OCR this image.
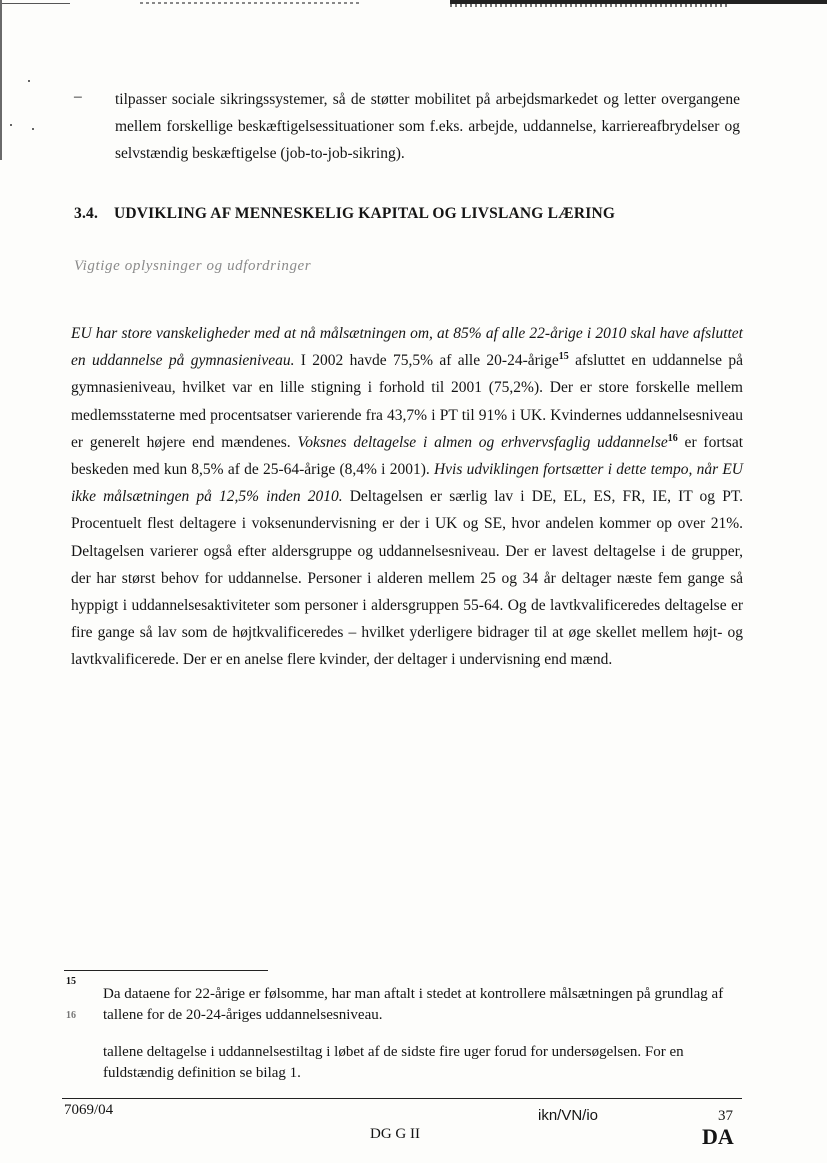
– tilpasser sociale sikringssystemer, så de støtter mobilitet på arbejdsmarkedet og letter overgangene mellem forskellige beskæftigelsessituationer som f.eks. arbejde, uddannelse, karriereafbrydelser og selvstændig beskæftigelse (job-to-job-sikring).
3.4. UDVIKLING AF MENNESKELIG KAPITAL OG LIVSLANG LÆRING
Vigtige oplysninger og udfordringer
EU har store vanskeligheder med at nå målsætningen om, at 85% af alle 22-årige i 2010 skal have afsluttet en uddannelse på gymnasieniveau. I 2002 havde 75,5% af alle 20-24-årige$^{15}$ afsluttet en uddannelse på gymnasieniveau, hvilket var en lille stigning i forhold til 2001 (75,2%). Der er store forskelle mellem medlemsstaterne med procentsatser varierende fra 43,7% i PT til 91% i UK. Kvindernes uddannelsesniveau er generelt højere end mændenes. Voksnes deltagelse i almen og erhvervsfaglig uddannelse$^{16}$ er fortsat beskeden med kun 8,5% af de 25-64-årige (8,4% i 2001). Hvis udviklingen fortsætter i dette tempo, når EU ikke målsætningen på 12,5% inden 2010. Deltagelsen er særlig lav i DE, EL, ES, FR, IE, IT og PT. Procentuelt flest deltagere i voksenundervisning er der i UK og SE, hvor andelen kommer op over 21%. Deltagelsen varierer også efter aldersgruppe og uddannelsesniveau. Der er lavest deltagelse i de grupper, der har størst behov for uddannelse. Personer i alderen mellem 25 og 34 år deltager næste fem gange så hyppigt i uddannelsesaktiviteter som personer i aldersgruppen 55-64. Og de lavtkvalificeredes deltagelse er fire gange så lav som de højtkvalificeredes – hvilket yderligere bidrager til at øge skellet mellem højt- og lavtkvalificerede. Der er en anelse flere kvinder, der deltager i undervisning end mænd.
15
Da dataene for 22-årige er følsomme, har man aftalt i stedet at kontrollere målsætningen på grundlag af tallene for de 20-24-åriges uddannelsesniveau.
16
tallene deltagelse i uddannelsestiltag i løbet af de sidste fire uger forud for undersøgelsen. For en fuldstændig definition se bilag 1.
7069/04
DG G II
ikn/VN/io	37
DA
